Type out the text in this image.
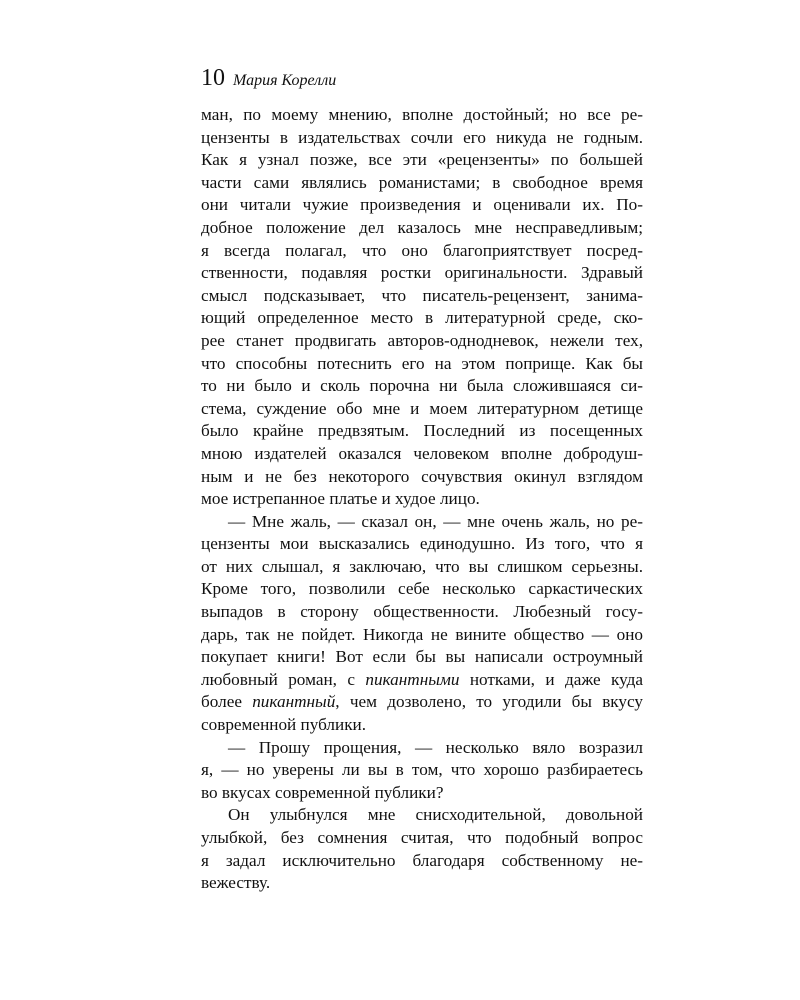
10 Мария Корелли
ман, по моему мнению, вполне достойный; но все ре-
цензенты в издательствах сочли его никуда не годным.
Как я узнал позже, все эти «рецензенты» по большей
части сами являлись романистами; в свободное время
они читали чужие произведения и оценивали их. По-
добное положение дел казалось мне несправедливым;
я всегда полагал, что оно благоприятствует посред-
ственности, подавляя ростки оригинальности. Здравый
смысл подсказывает, что писатель-рецензент, занима-
ющий определенное место в литературной среде, ско-
рее станет продвигать авторов-однодневок, нежели тех,
что способны потеснить его на этом поприще. Как бы
то ни было и сколь порочна ни была сложившаяся си-
стема, суждение обо мне и моем литературном детище
было крайне предвзятым. Последний из посещенных
мною издателей оказался человеком вполне добродуш-
ным и не без некоторого сочувствия окинул взглядом
мое истрепанное платье и худое лицо.
— Мне жаль, — сказал он, — мне очень жаль, но ре-
цензенты мои высказались единодушно. Из того, что я
от них слышал, я заключаю, что вы слишком серьезны.
Кроме того, позволили себе несколько саркастических
выпадов в сторону общественности. Любезный госу-
дарь, так не пойдет. Никогда не вините общество — оно
покупает книги! Вот если бы вы написали остроумный
любовный роман, с пикантными нотками, и даже куда
более пикантный, чем дозволено, то угодили бы вкусу
современной публики.
— Прошу прощения, — несколько вяло возразил
я, — но уверены ли вы в том, что хорошо разбираетесь
во вкусах современной публики?
Он улыбнулся мне снисходительной, довольной
улыбкой, без сомнения считая, что подобный вопрос
я задал исключительно благодаря собственному не-
вежеству.
